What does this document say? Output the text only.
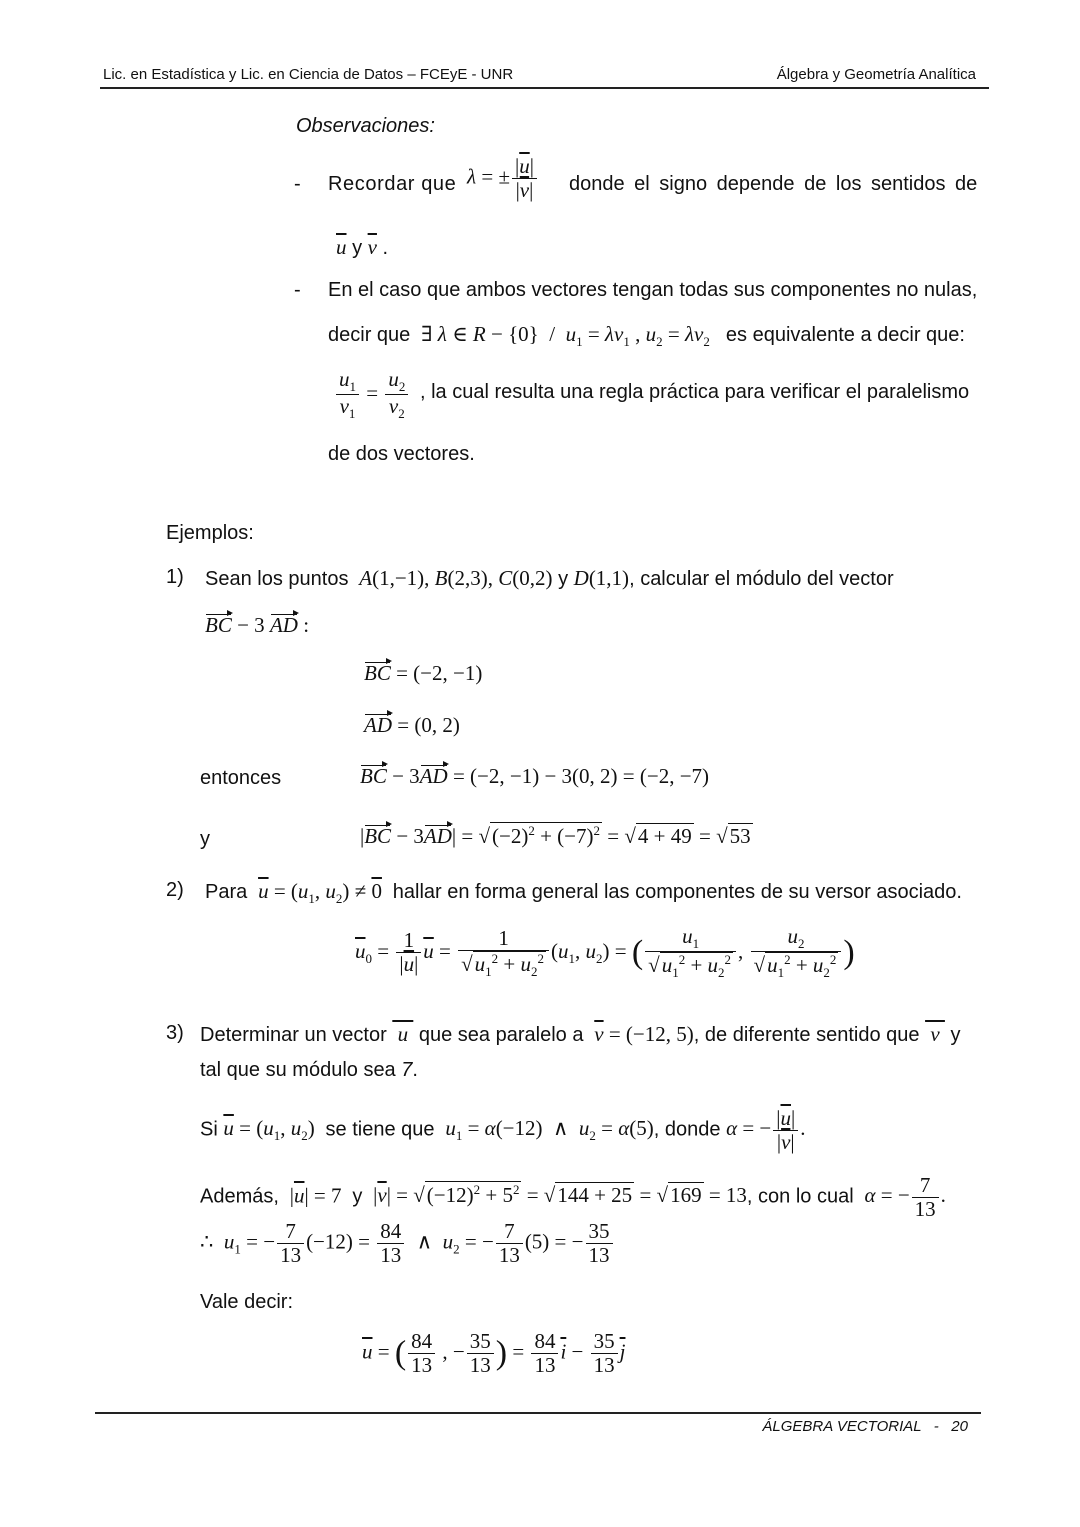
Lic. en Estadística y Lic. en Ciencia de Datos – FCEyE - UNR	Álgebra y Geometría Analítica
Observaciones:
- Recordar que λ = ± $\frac{|\overline{u}|}{|\overline{v}|}$ donde el signo depende de los sentidos de
$\overline{u}$ y $\overline{v}$ .
- En el caso que ambos vectores tengan todas sus componentes no nulas,
decir que  ∃ λ ∈ $R - \{0\} / u_1 = \lambda v_1$ , $u_2 = \lambda v_2$ es equivalente a decir que:
$\frac{u_1}{v_1} = \frac{u_2}{v_2}$ , la cual resulta una regla práctica para verificar el paralelismo
de dos vectores.
Ejemplos:
1) Sean los puntos A(1,−1), B(2,3), C(0,2) y D(1,1), calcular el módulo del vector
BC − 3 AD :
BC = (−2, −1)
AD = (0, 2)
entonces	BC − 3AD = (−2, −1) − 3(0, 2) = (−2, −7)
y	$|BC - 3AD| = √(-2)^2 + (-7)^2 = √4 + 49 = √53$
2) Para $\overline{u} = (u_1$, $u_2) \ne 0$ hallar en forma general las componentes de su versor asociado.
$\overline{u}_0 = \frac{1}{|\overline{u}|} \overline{u} = \frac{1}{√u_1^2 + u_2^2} (u_1$, $u_2$) = ( $\frac{u_1}{√u_1^2 + u_2^2}$ , $\frac{u_2}{√u_1^2 + u_2^2}$ )
3) Determinar un vector  u  que sea paralelo a $\overline{v} = (-12$, 5), de diferente sentido que  v  y
tal que su módulo sea 7.
Si $\overline{u} = (u_1$, $u_2$)  se tiene que $u_1 = \alpha(-12)$  ∧  $u_2 = \alpha(5)$, donde α = − $\frac{|\overline{u}|}{|\overline{v}|}$ .
Además,  $|\overline{u}| = 7$  y  $|\overline{v}| = √(-12)^2 + 5^2 = √144 + 25 = √169 = 13$, con lo cual α = − $\frac{7}{13}$ .
∴  $u_1$ = − $\frac{7}{13} (-12) = \frac{84}{13}$ ∧  $u_2$ = − $\frac{7}{13} (5)$ = − $\frac{35}{13}$
Vale decir:
$\overline{u}$ = ( $\frac{84}{13}$ , − $\frac{35}{13}$ ) = $\frac{84}{13} \overline{i} - \frac{35}{13} \overline{j}$
ÁLGEBRA VECTORIAL   -   20
